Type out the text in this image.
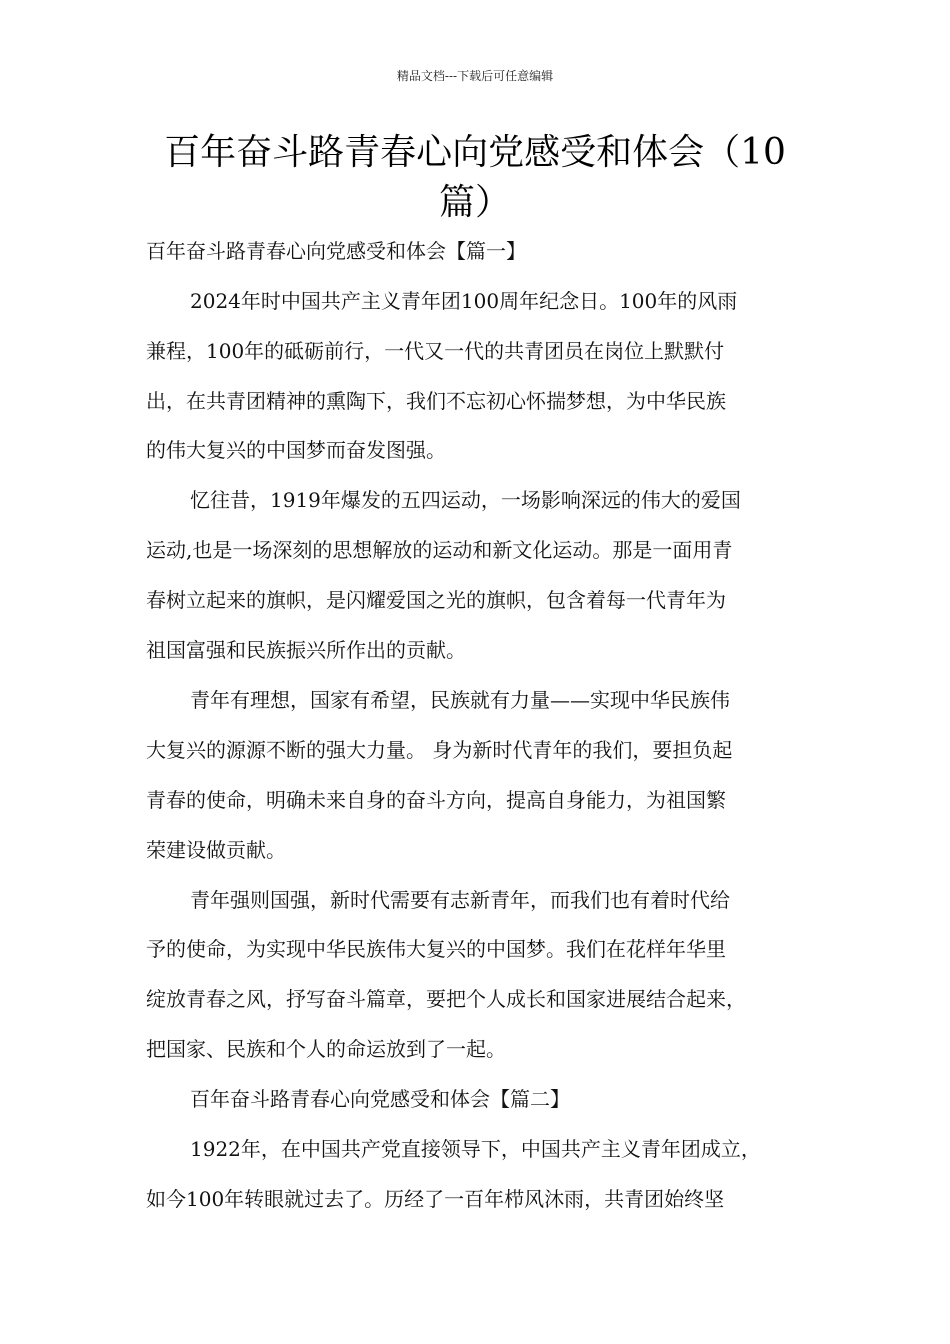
精品文档---下载后可任意编辑
百年奋斗路青春心向党感受和体会（10
篇）
百年奋斗路青春心向党感受和体会【篇一】
2024年时中国共产主义青年团100周年纪念日。100年的风雨
兼程，100年的砥砺前行，一代又一代的共青团员在岗位上默默付
出，在共青团精神的熏陶下，我们不忘初心怀揣梦想，为中华民族
的伟大复兴的中国梦而奋发图强。
忆往昔，1919年爆发的五四运动，一场影响深远的伟大的爱国
运动,也是一场深刻的思想解放的运动和新文化运动。那是一面用青
春树立起来的旗帜，是闪耀爱国之光的旗帜，包含着每一代青年为
祖国富强和民族振兴所作出的贡献。
青年有理想，国家有希望，民族就有力量——实现中华民族伟
大复兴的源源不断的强大力量。 身为新时代青年的我们，要担负起
青春的使命，明确未来自身的奋斗方向，提高自身能力，为祖国繁
荣建设做贡献。
青年强则国强，新时代需要有志新青年，而我们也有着时代给
予的使命，为实现中华民族伟大复兴的中国梦。我们在花样年华里
绽放青春之风，抒写奋斗篇章，要把个人成长和国家进展结合起来，
把国家、民族和个人的命运放到了一起。
百年奋斗路青春心向党感受和体会【篇二】
1922年，在中国共产党直接领导下，中国共产主义青年团成立，
如今100年转眼就过去了。历经了一百年栉风沐雨，共青团始终坚
